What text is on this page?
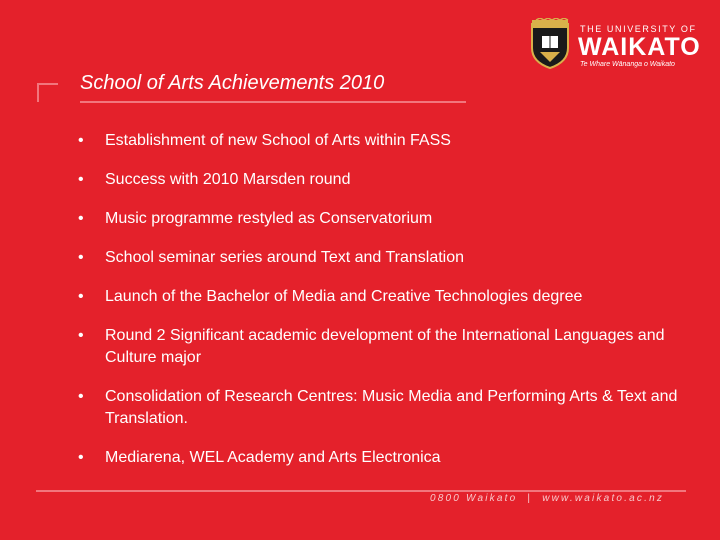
THE UNIVERSITY OF
WAIKATO
Te Whare Wānanga o Waikato
School of Arts Achievements 2010
• Establishment of new School of Arts within FASS
• Success with 2010 Marsden round
• Music programme restyled as Conservatorium
• School seminar series around Text and Translation
• Launch of the Bachelor of Media and Creative Technologies degree
• Round 2 Significant academic development of the International Languages and Culture major
• Consolidation of Research Centres: Music Media and Performing Arts & Text and Translation.
• Mediarena, WEL Academy and Arts Electronica
0800 Waikato | www.waikato.ac.nz
